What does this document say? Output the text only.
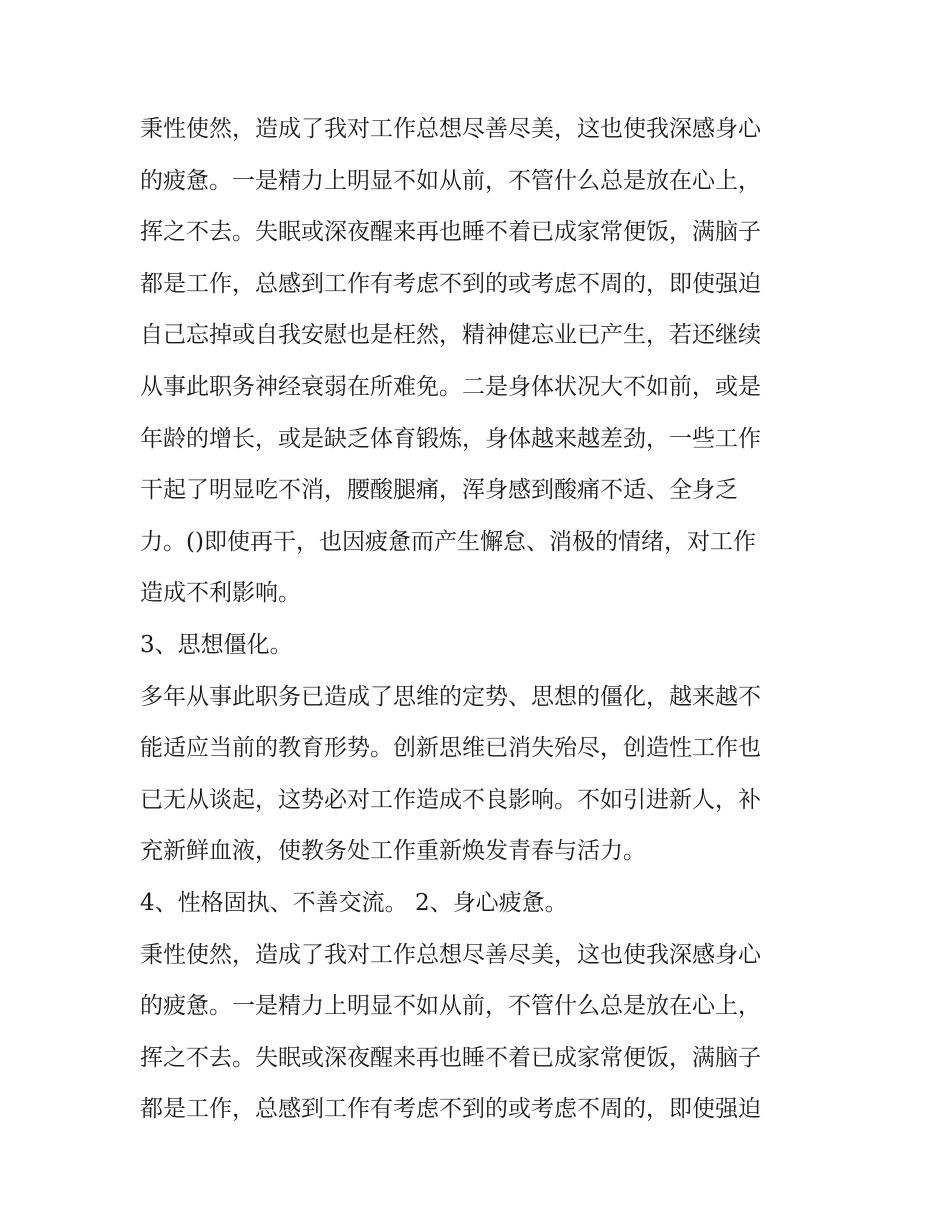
秉性使然，造成了我对工作总想尽善尽美，这也使我深感身心
的疲惫。一是精力上明显不如从前，不管什么总是放在心上，
挥之不去。失眠或深夜醒来再也睡不着已成家常便饭，满脑子
都是工作，总感到工作有考虑不到的或考虑不周的，即使强迫
自己忘掉或自我安慰也是枉然，精神健忘业已产生，若还继续
从事此职务神经衰弱在所难免。二是身体状况大不如前，或是
年龄的增长，或是缺乏体育锻炼，身体越来越差劲，一些工作
干起了明显吃不消，腰酸腿痛，浑身感到酸痛不适、全身乏
力。()即使再干，也因疲惫而产生懈怠、消极的情绪，对工作
造成不利影响。
3、思想僵化。
多年从事此职务已造成了思维的定势、思想的僵化，越来越不
能适应当前的教育形势。创新思维已消失殆尽，创造性工作也
已无从谈起，这势必对工作造成不良影响。不如引进新人，补
充新鲜血液，使教务处工作重新焕发青春与活力。
4、性格固执、不善交流。 2、身心疲惫。
秉性使然，造成了我对工作总想尽善尽美，这也使我深感身心
的疲惫。一是精力上明显不如从前，不管什么总是放在心上，
挥之不去。失眠或深夜醒来再也睡不着已成家常便饭，满脑子
都是工作，总感到工作有考虑不到的或考虑不周的，即使强迫
